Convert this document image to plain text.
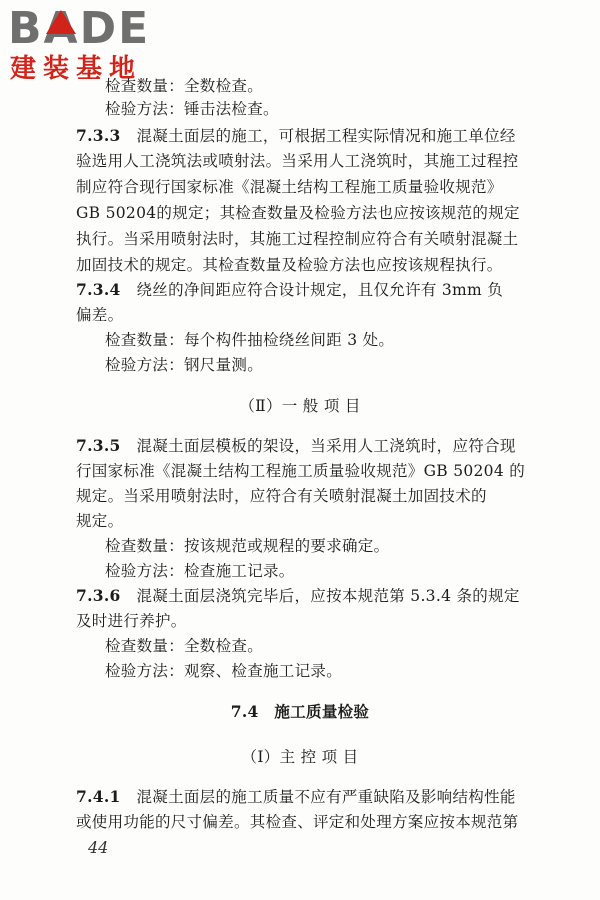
BADE
建装基地
检查数量：全数检查。
检验方法：锤击法检查。
7.3.3　 混凝土面层的施工，可根据工程实际情况和施工单位经
验选用人工浇筑法或喷射法。当采用人工浇筑时，其施工过程控
制应符合现行国家标准《混凝土结构工程施工质量验收规范》
GB 50204的规定；其检查数量及检验方法也应按该规范的规定
执行。当采用喷射法时，其施工过程控制应符合有关喷射混凝土
加固技术的规定。其检查数量及检验方法也应按该规程执行。
7.3.4　 绕丝的净间距应符合设计规定，且仅允许有 3mm 负
偏差。
检查数量：每个构件抽检绕丝间距 3 处。
检验方法：钢尺量测。
（Ⅱ）一 般 项 目
7.3.5　 混凝土面层模板的架设，当采用人工浇筑时，应符合现
行国家标准《混凝土结构工程施工质量验收规范》GB 50204 的
规定。当采用喷射法时，应符合有关喷射混凝土加固技术的
规定。
检查数量：按该规范或规程的要求确定。
检验方法：检查施工记录。
7.3.6　 混凝土面层浇筑完毕后，应按本规范第 5.3.4 条的规定
及时进行养护。
检查数量：全数检查。
检验方法：观察、检查施工记录。
7.4　施工质量检验
（Ⅰ）主 控 项 目
7.4.1　 混凝土面层的施工质量不应有严重缺陷及影响结构性能
或使用功能的尺寸偏差。其检查、评定和处理方案应按本规范第
44
